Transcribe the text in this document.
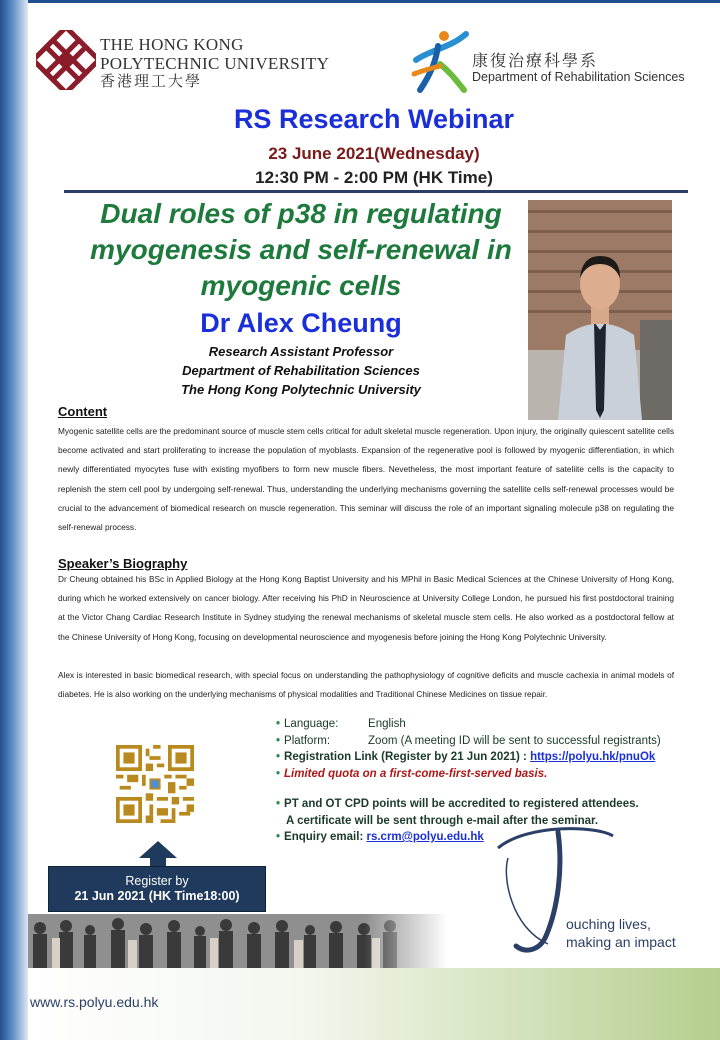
THE HONG KONG
POLYTECHNIC UNIVERSITY
香港理工大學
康復治療科學系
Department of Rehabilitation Sciences
RS Research Webinar
23 June 2021(Wednesday)
12:30 PM - 2:00 PM (HK Time)
Dual roles of p38 in regulating myogenesis and self-renewal in myogenic cells
Dr Alex Cheung
Research Assistant Professor
Department of Rehabilitation Sciences
The Hong Kong Polytechnic University
Content
Myogenic satellite cells are the predominant source of muscle stem cells critical for adult skeletal muscle regeneration. Upon injury, the originally quiescent satellite cells become activated and start proliferating to increase the population of myoblasts. Expansion of the regenerative pool is followed by myogenic differentiation, in which newly differentiated myocytes fuse with existing myofibers to form new muscle fibers. Nevetheless, the most important feature of sateliite cells is the capacity to replenish the stem cell pool by undergoing self-renewal. Thus, understanding the underlying mechanisms governing the satellite cells self-renewal processes would be crucial to the advancement of biomedical research on muscle regeneration. This seminar will discuss the role of an important signaling molecule p38 on regulating the self-renewal process.
Speaker’s Biography
Dr Cheung obtained his BSc in Applied Biology at the Hong Kong Baptist University and his MPhil in Basic Medical Sciences at the Chinese University of Hong Kong, during which he worked extensively on cancer biology. After receiving his PhD in Neuroscience at University College London, he pursued his first postdoctoral training at the Victor Chang Cardiac Research Institute in Sydney studying the renewal mechanisms of skeletal muscle stem cells. He also worked as a postdoctoral fellow at the Chinese University of Hong Kong, focusing on developmental neuroscience and myogenesis before joining the Hong Kong Polytechnic University.
Alex is interested in basic biomedical research, with special focus on understanding the pathophysiology of cognitive deficits and muscle cachexia in animal models of diabetes. He is also working on the underlying mechanisms of physical modalities and Traditional Chinese Medicines on tissue repair.
• Language:	English
• Platform:	Zoom (A meeting ID will be sent to successful registrants)
• Registration Link (Register by 21 Jun 2021) : https://polyu.hk/pnuOk
• Limited quota on a first-come-first-served basis.
• PT and OT CPD points will be accredited to registered attendees.
A certificate will be sent through e-mail after the seminar.
• Enquiry email: rs.crm@polyu.edu.hk
Register by
21 Jun 2021 (HK Time18:00)
www.rs.polyu.edu.hk
ouching lives,
making an impact
